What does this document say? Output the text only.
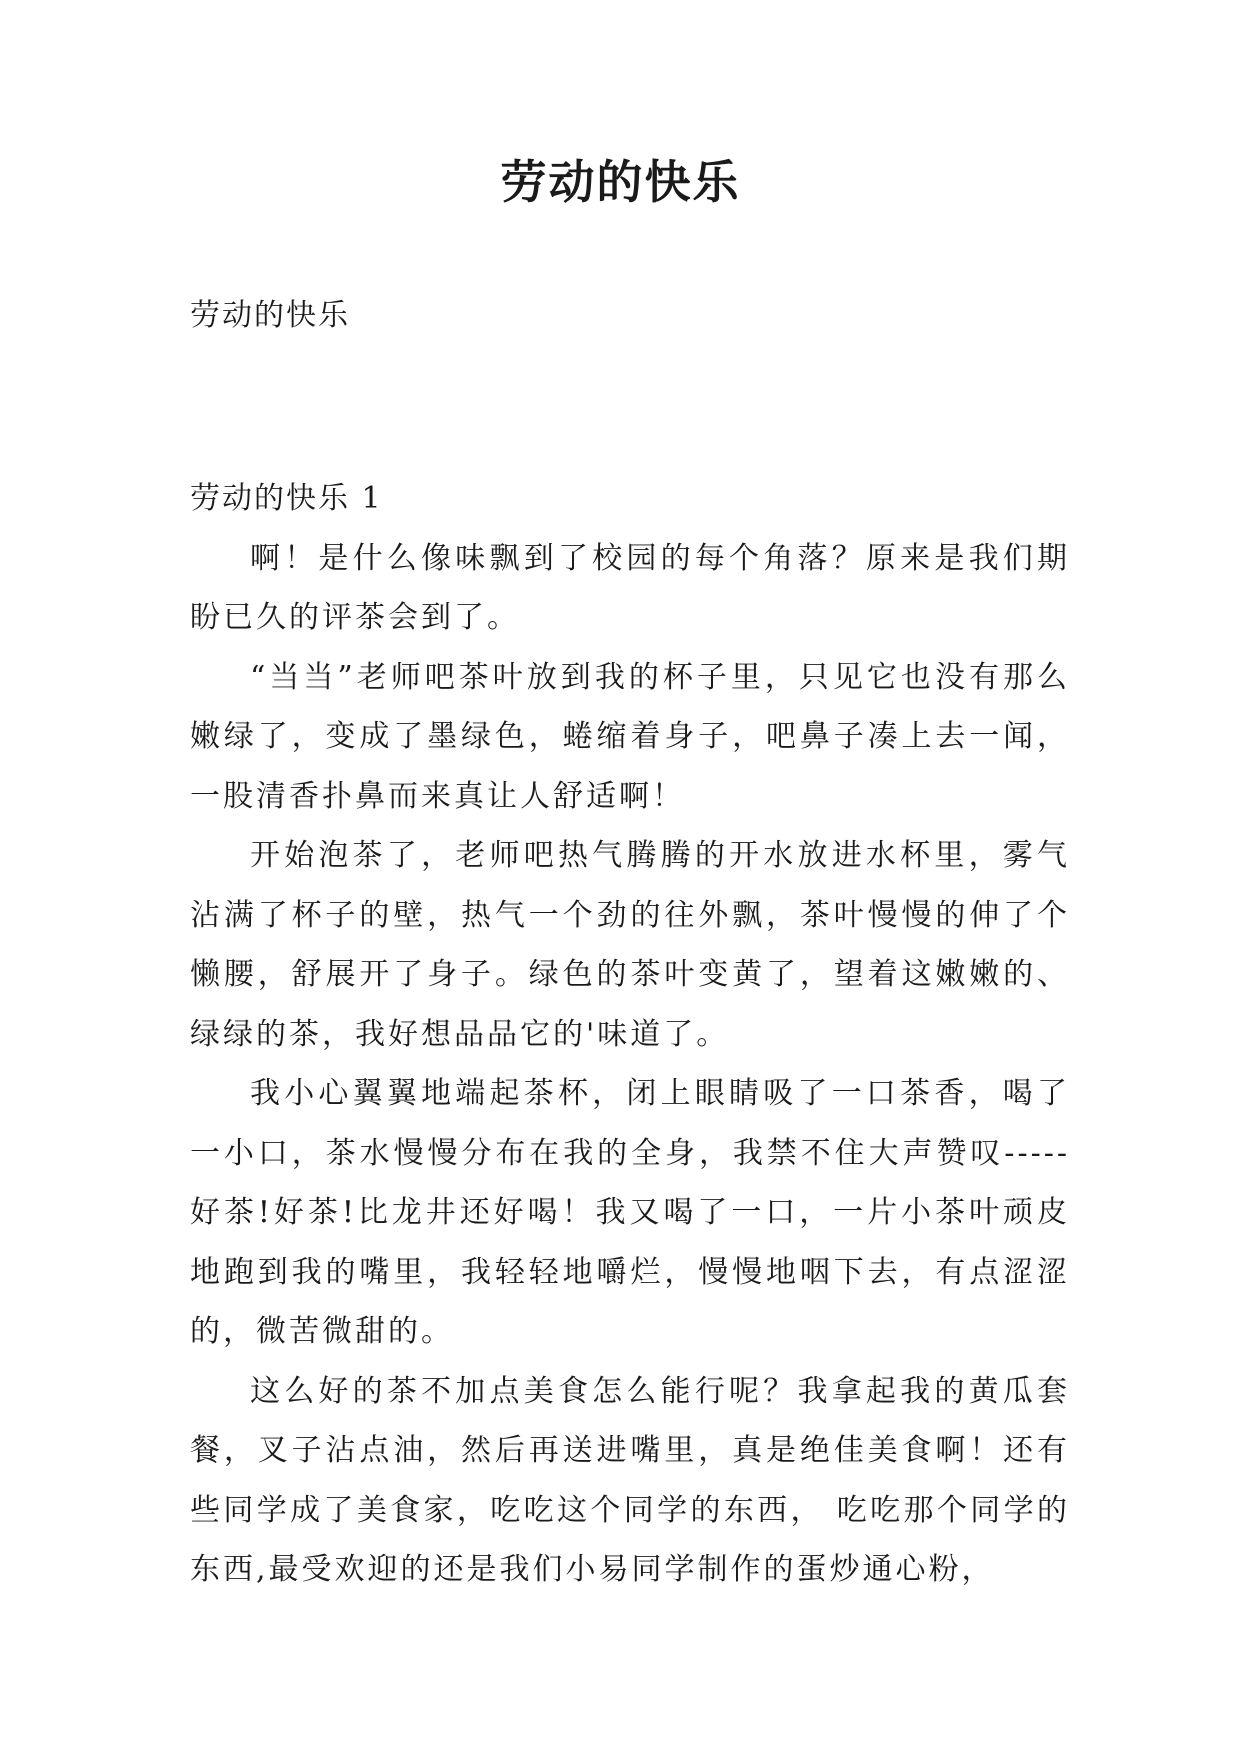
劳动的快乐

劳动的快乐

劳动的快乐 1

啊！是什么像味飘到了校园的每个角落？原来是我们期盼已久的评茶会到了。

“当当”老师吧茶叶放到我的杯子里，只见它也没有那么嫩绿了，变成了墨绿色，蜷缩着身子，吧鼻子凑上去一闻，一股清香扑鼻而来真让人舒适啊！

开始泡茶了，老师吧热气腾腾的开水放进水杯里，雾气沾满了杯子的壁，热气一个劲的往外飘，茶叶慢慢的伸了个懒腰，舒展开了身子。绿色的茶叶变黄了，望着这嫩嫩的、绿绿的茶，我好想品品它的'味道了。

我小心翼翼地端起茶杯，闭上眼睛吸了一口茶香，喝了一小口，茶水慢慢分布在我的全身，我禁不住大声赞叹-----好茶!好茶!比龙井还好喝！我又喝了一口，一片小茶叶顽皮地跑到我的嘴里，我轻轻地嚼烂，慢慢地咽下去，有点涩涩的，微苦微甜的。

这么好的茶不加点美食怎么能行呢？我拿起我的黄瓜套餐，叉子沾点油，然后再送进嘴里，真是绝佳美食啊！还有些同学成了美食家，吃吃这个同学的东西， 吃吃那个同学的东西,最受欢迎的还是我们小易同学制作的蛋炒通心粉，
